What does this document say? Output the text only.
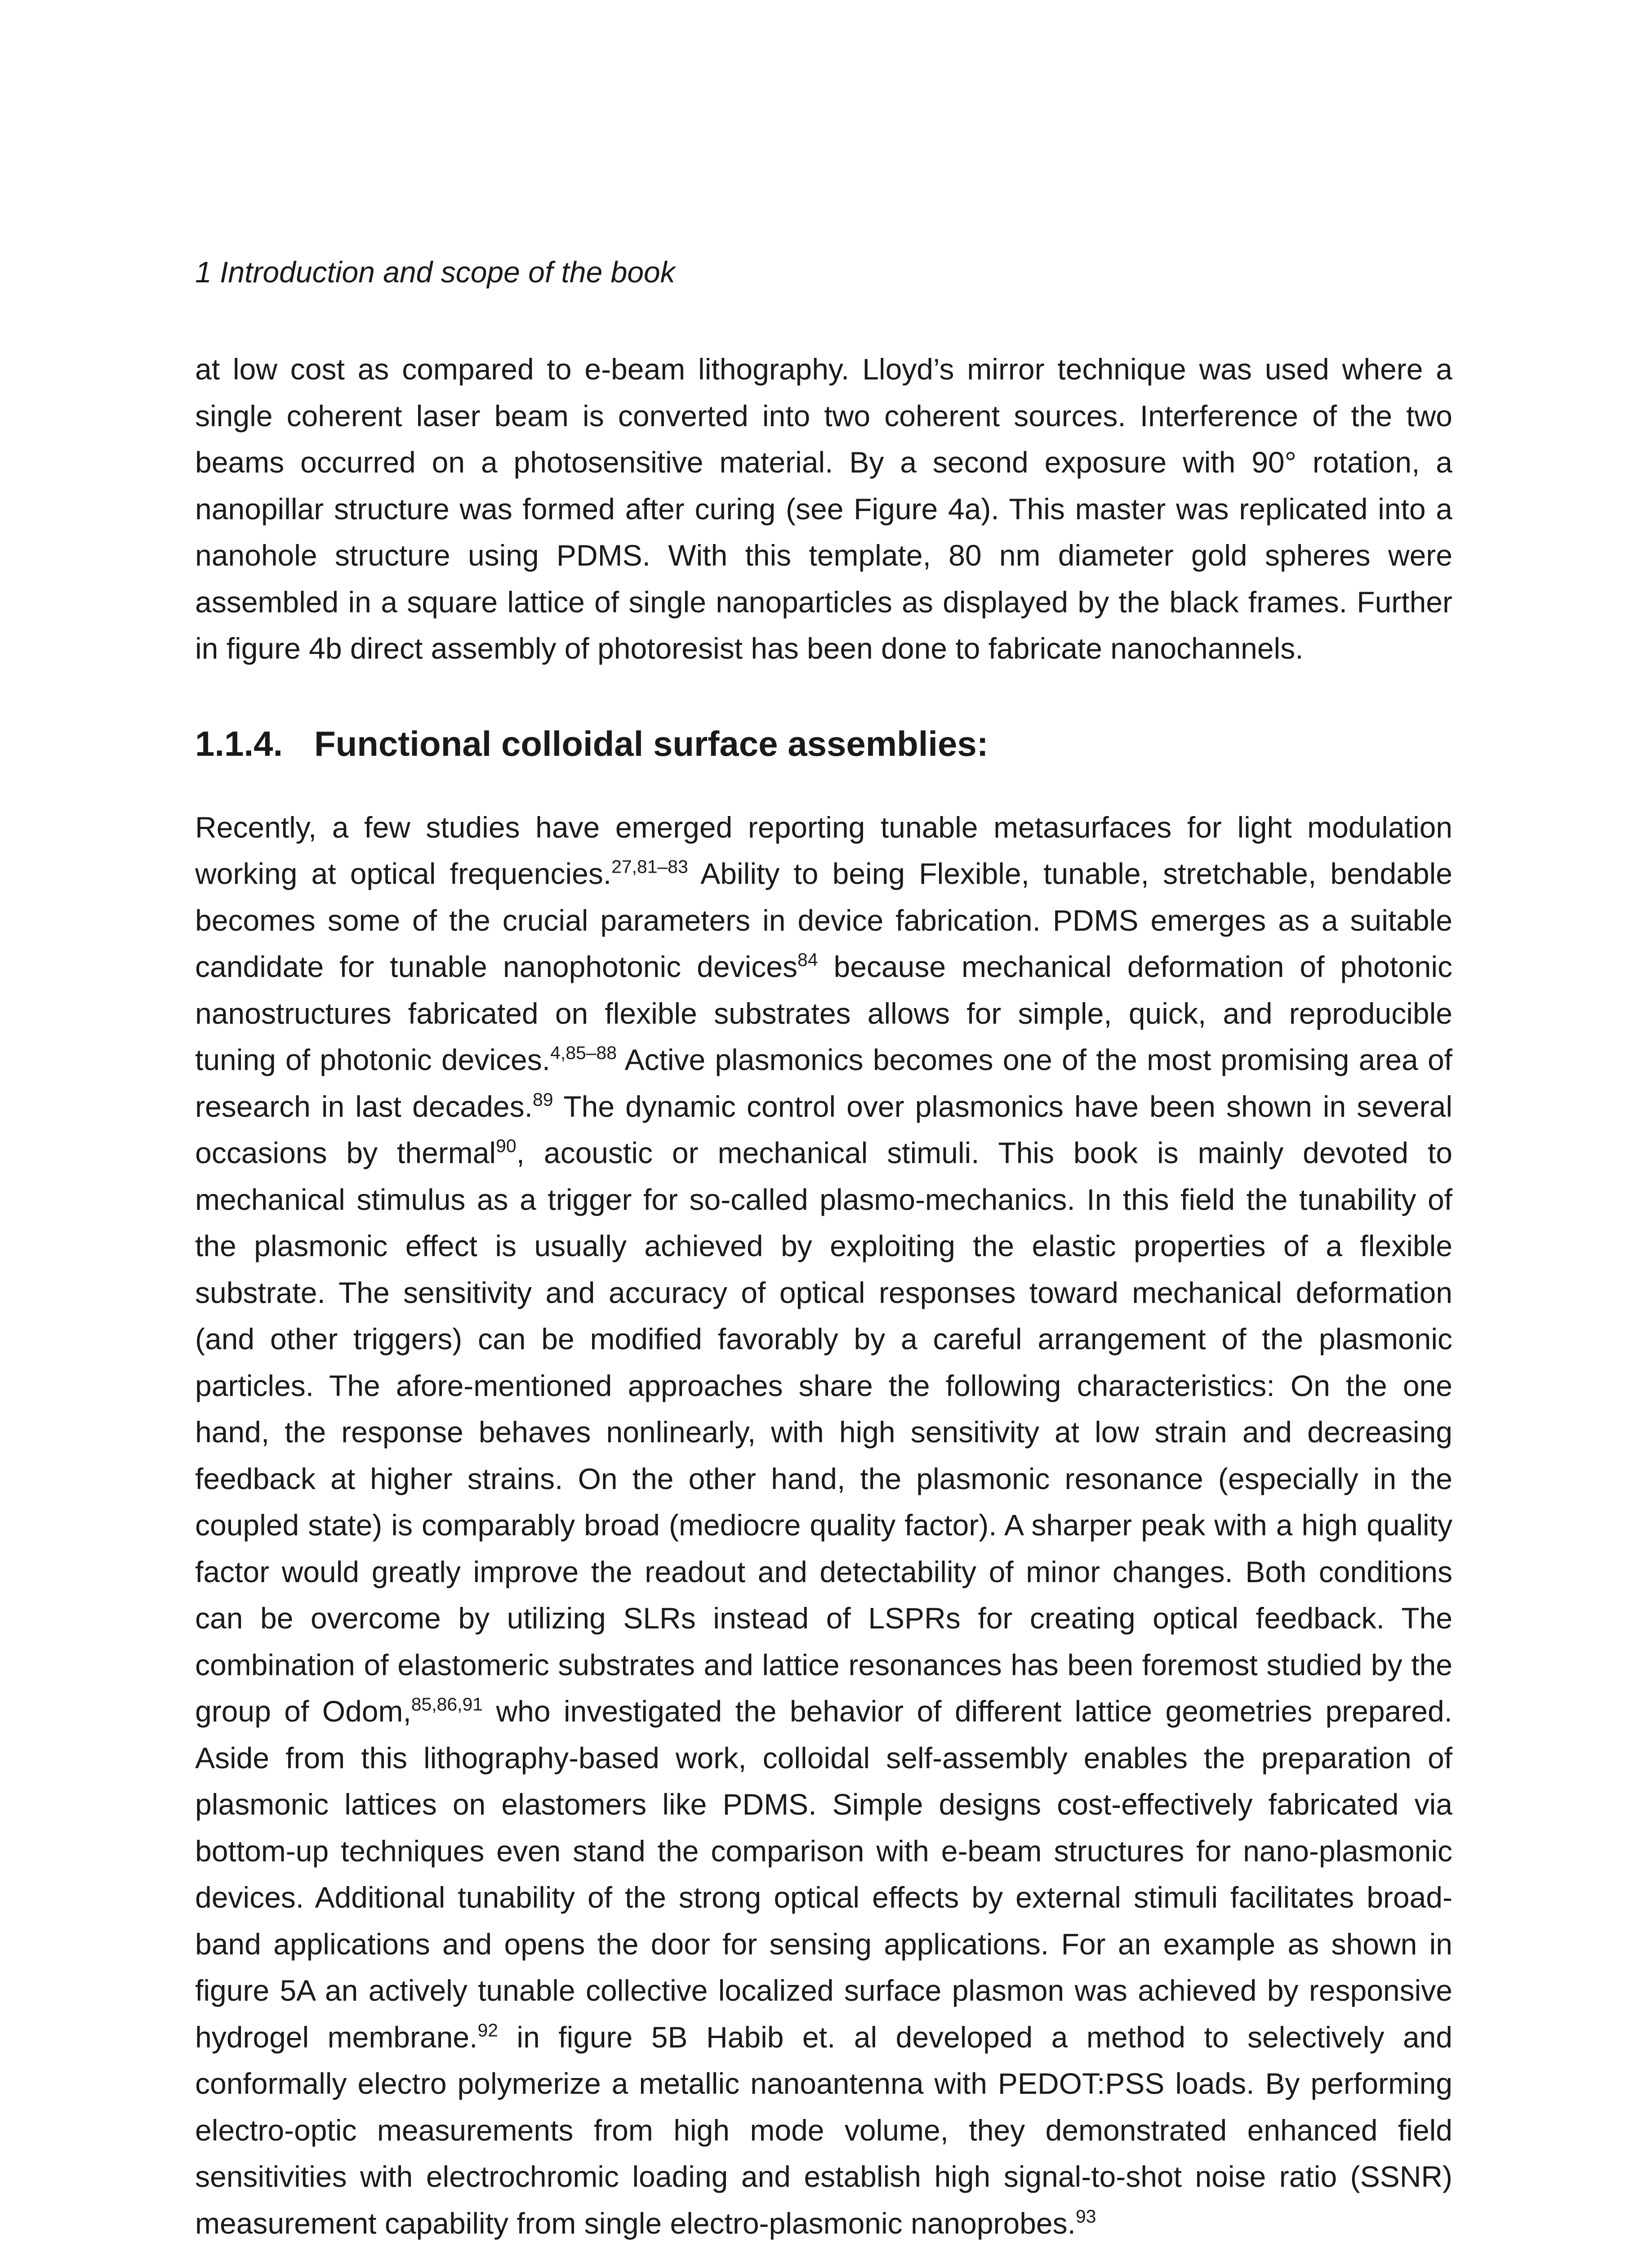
1 Introduction and scope of the book

at low cost as compared to e-beam lithography. Lloyd’s mirror technique was used where a single coherent laser beam is converted into two coherent sources. Interference of the two beams occurred on a photosensitive material. By a second exposure with 90° rotation, a nanopillar structure was formed after curing (see Figure 4a). This master was replicated into a nanohole structure using PDMS. With this template, 80 nm diameter gold spheres were assembled in a square lattice of single nanoparticles as displayed by the black frames. Further in figure 4b direct assembly of photoresist has been done to fabricate nanochannels.

1.1.4. Functional colloidal surface assemblies:

Recently, a few studies have emerged reporting tunable metasurfaces for light modulation working at optical frequencies.$^{27,81-83}$ Ability to being Flexible, tunable, stretchable, bendable becomes some of the crucial parameters in device fabrication. PDMS emerges as a suitable candidate for tunable nanophotonic devices$^{84}$ because mechanical deformation of photonic nanostructures fabricated on flexible substrates allows for simple, quick, and reproducible tuning of photonic devices.$^{4,85-88}$ Active plasmonics becomes one of the most promising area of research in last decades.$^{89}$ The dynamic control over plasmonics have been shown in several occasions by thermal$^{90}$, acoustic or mechanical stimuli. This book is mainly devoted to mechanical stimulus as a trigger for so-called plasmo-mechanics. In this field the tunability of the plasmonic effect is usually achieved by exploiting the elastic properties of a flexible substrate. The sensitivity and accuracy of optical responses toward mechanical deformation (and other triggers) can be modified favorably by a careful arrangement of the plasmonic particles. The afore-mentioned approaches share the following characteristics: On the one hand, the response behaves nonlinearly, with high sensitivity at low strain and decreasing feedback at higher strains. On the other hand, the plasmonic resonance (especially in the coupled state) is comparably broad (mediocre quality factor). A sharper peak with a high quality factor would greatly improve the readout and detectability of minor changes. Both conditions can be overcome by utilizing SLRs instead of LSPRs for creating optical feedback. The combination of elastomeric substrates and lattice resonances has been foremost studied by the group of Odom,$^{85,86,91}$ who investigated the behavior of different lattice geometries prepared. Aside from this lithography-based work, colloidal self-assembly enables the preparation of plasmonic lattices on elastomers like PDMS. Simple designs cost-effectively fabricated via bottom-up techniques even stand the comparison with e-beam structures for nano-plasmonic devices. Additional tunability of the strong optical effects by external stimuli facilitates broad-band applications and opens the door for sensing applications. For an example as shown in figure 5A an actively tunable collective localized surface plasmon was achieved by responsive hydrogel membrane.$^{92}$ in figure 5B Habib et. al developed a method to selectively and conformally electro polymerize a metallic nanoantenna with PEDOT:PSS loads. By performing electro-optic measurements from high mode volume, they demonstrated enhanced field sensitivities with electrochromic loading and establish high signal-to-shot noise ratio (SSNR) measurement capability from single electro-plasmonic nanoprobes.$^{93}$
